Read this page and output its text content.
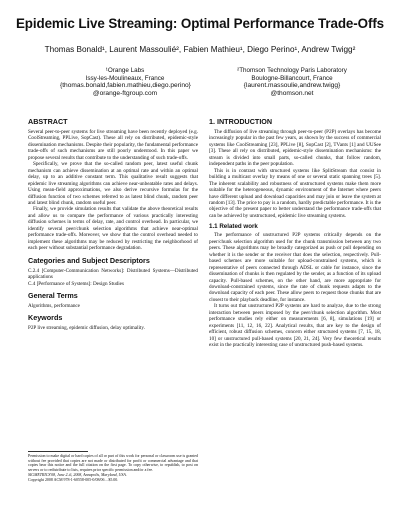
Epidemic Live Streaming: Optimal Performance Trade-Offs
Thomas Bonald¹, Laurent Massoulié², Fabien Mathieu¹, Diego Perino¹, Andrew Twigg²
¹Orange Labs
Issy-les-Moulineaux, France
{thomas.bonald,fabien.mathieu,diego.perino}
@orange-ftgroup.com
²Thomson Technology Paris Laboratory
Boulogne-Billancourt, France
{laurent.massoulie,andrew.twigg}
@thomson.net
ABSTRACT

Several peer-to-peer systems for live streaming have been recently deployed (e.g. CoolStreaming, PPLive, SopCast). These all rely on distributed, epidemic-style dissemination mechanisms. Despite their popularity, the fundamental performance trade-offs of such mechanisms are still poorly understood. In this paper we propose several results that contribute to the understanding of such trade-offs.

Specifically, we prove that the so-called random peer, latest useful chunk mechanism can achieve dissemination at an optimal rate and within an optimal delay, up to an additive constant term. This qualitative result suggests that epidemic live streaming algorithms can achieve near-unbeatable rates and delays. Using mean-field approximations, we also derive recursive formulas for the diffusion function of two schemes referred to as latest blind chunk, random peer and latest blind chunk, random useful peer.

Finally, we provide simulation results that validate the above theoretical results and allow us to compare the performance of various practically interesting diffusion schemes in terms of delay, rate, and control overhead. In particular, we identify several peer/chunk selection algorithms that achieve near-optimal performance trade-offs. Moreover, we show that the control overhead needed to implement these algorithms may be reduced by restricting the neighborhood of each peer without substantial performance degradation.

Categories and Subject Descriptors

C.2.4 [Computer-Communication Networks]: Distributed Systems—Distributed applications

C.4 [Performance of Systems]: Design Studies

General Terms

Algorithms, performance

Keywords

P2P live streaming, epidemic diffusion, delay optimality.

Permission to make digital or hard copies of all or part of this work for personal or classroom use is granted without fee provided that copies are not made or distributed for profit or commercial advantage and that copies bear this notice and the full citation on the first page. To copy otherwise, to republish, to post on servers or to redistribute to lists, requires prior specific permission and/or a fee.
SIGMETRICS'08, June 2–6, 2008, Annapolis, Maryland, USA.
Copyright 2008 ACM 978-1-60558-005-0/08/06 ...$5.00.
1. INTRODUCTION

The diffusion of live streaming through peer-to-peer (P2P) overlays has become increasingly popular in the past few years, as shown by the success of commercial systems like CoolStreaming [23], PPLive [8], SopCast [2], TVants [1] and UUSee [3]. These all rely on distributed, epidemic-style dissemination mechanisms: the stream is divided into small parts, so-called chunks, that follow random, independent paths in the peer population.

This is in contrast with structured systems like SplitStream that consist in building a multicast overlay by means of one or several static spanning trees [5]. The inherent scalability and robustness of unstructured systems make them more suitable for the heterogeneous, dynamic environment of the Internet where peers have different upload and download capacities and may join or leave the system at random [13]. The price to pay is a random, hardly predictable performance. It is the objective of the present paper to better understand the performance trade-offs that can be achieved by unstructured, epidemic live streaming systems.

1.1 Related work

The performance of unstructured P2P systems critically depends on the peer/chunk selection algorithm used for the chunk transmission between any two peers. These algorithms may be broadly categorized as push or pull depending on whether it is the sender or the receiver that does the selection, respectively. Pull-based schemes are more suitable for upload-constrained systems, which is representative of peers connected through ADSL or cable for instance, since the dissemination of chunks is then regulated by the sender, as a function of its upload capacity. Pull-based schemes, on the other hand, are more appropriate for download-constrained systems, since the rate of chunk requests adapts to the download capacity of each peer. These allow peers to request those chunks that are closest to their playback deadline, for instance.

It turns out that unstructured P2P systems are hard to analyze, due to the strong interaction between peers imposed by the peer/chunk selection algorithm. Most performance studies rely either on measurements [6, 8], simulations [19] or experiments [11, 12, 16, 22]. Analytical results, that are key to the design of efficient, robust diffusion schemes, concern either structured systems [7, 15, 18, 10] or unstructured pull-based systems [20, 21, 24]. Very few theoretical results exist in the practically interesting case of unstructured push-based systems.
